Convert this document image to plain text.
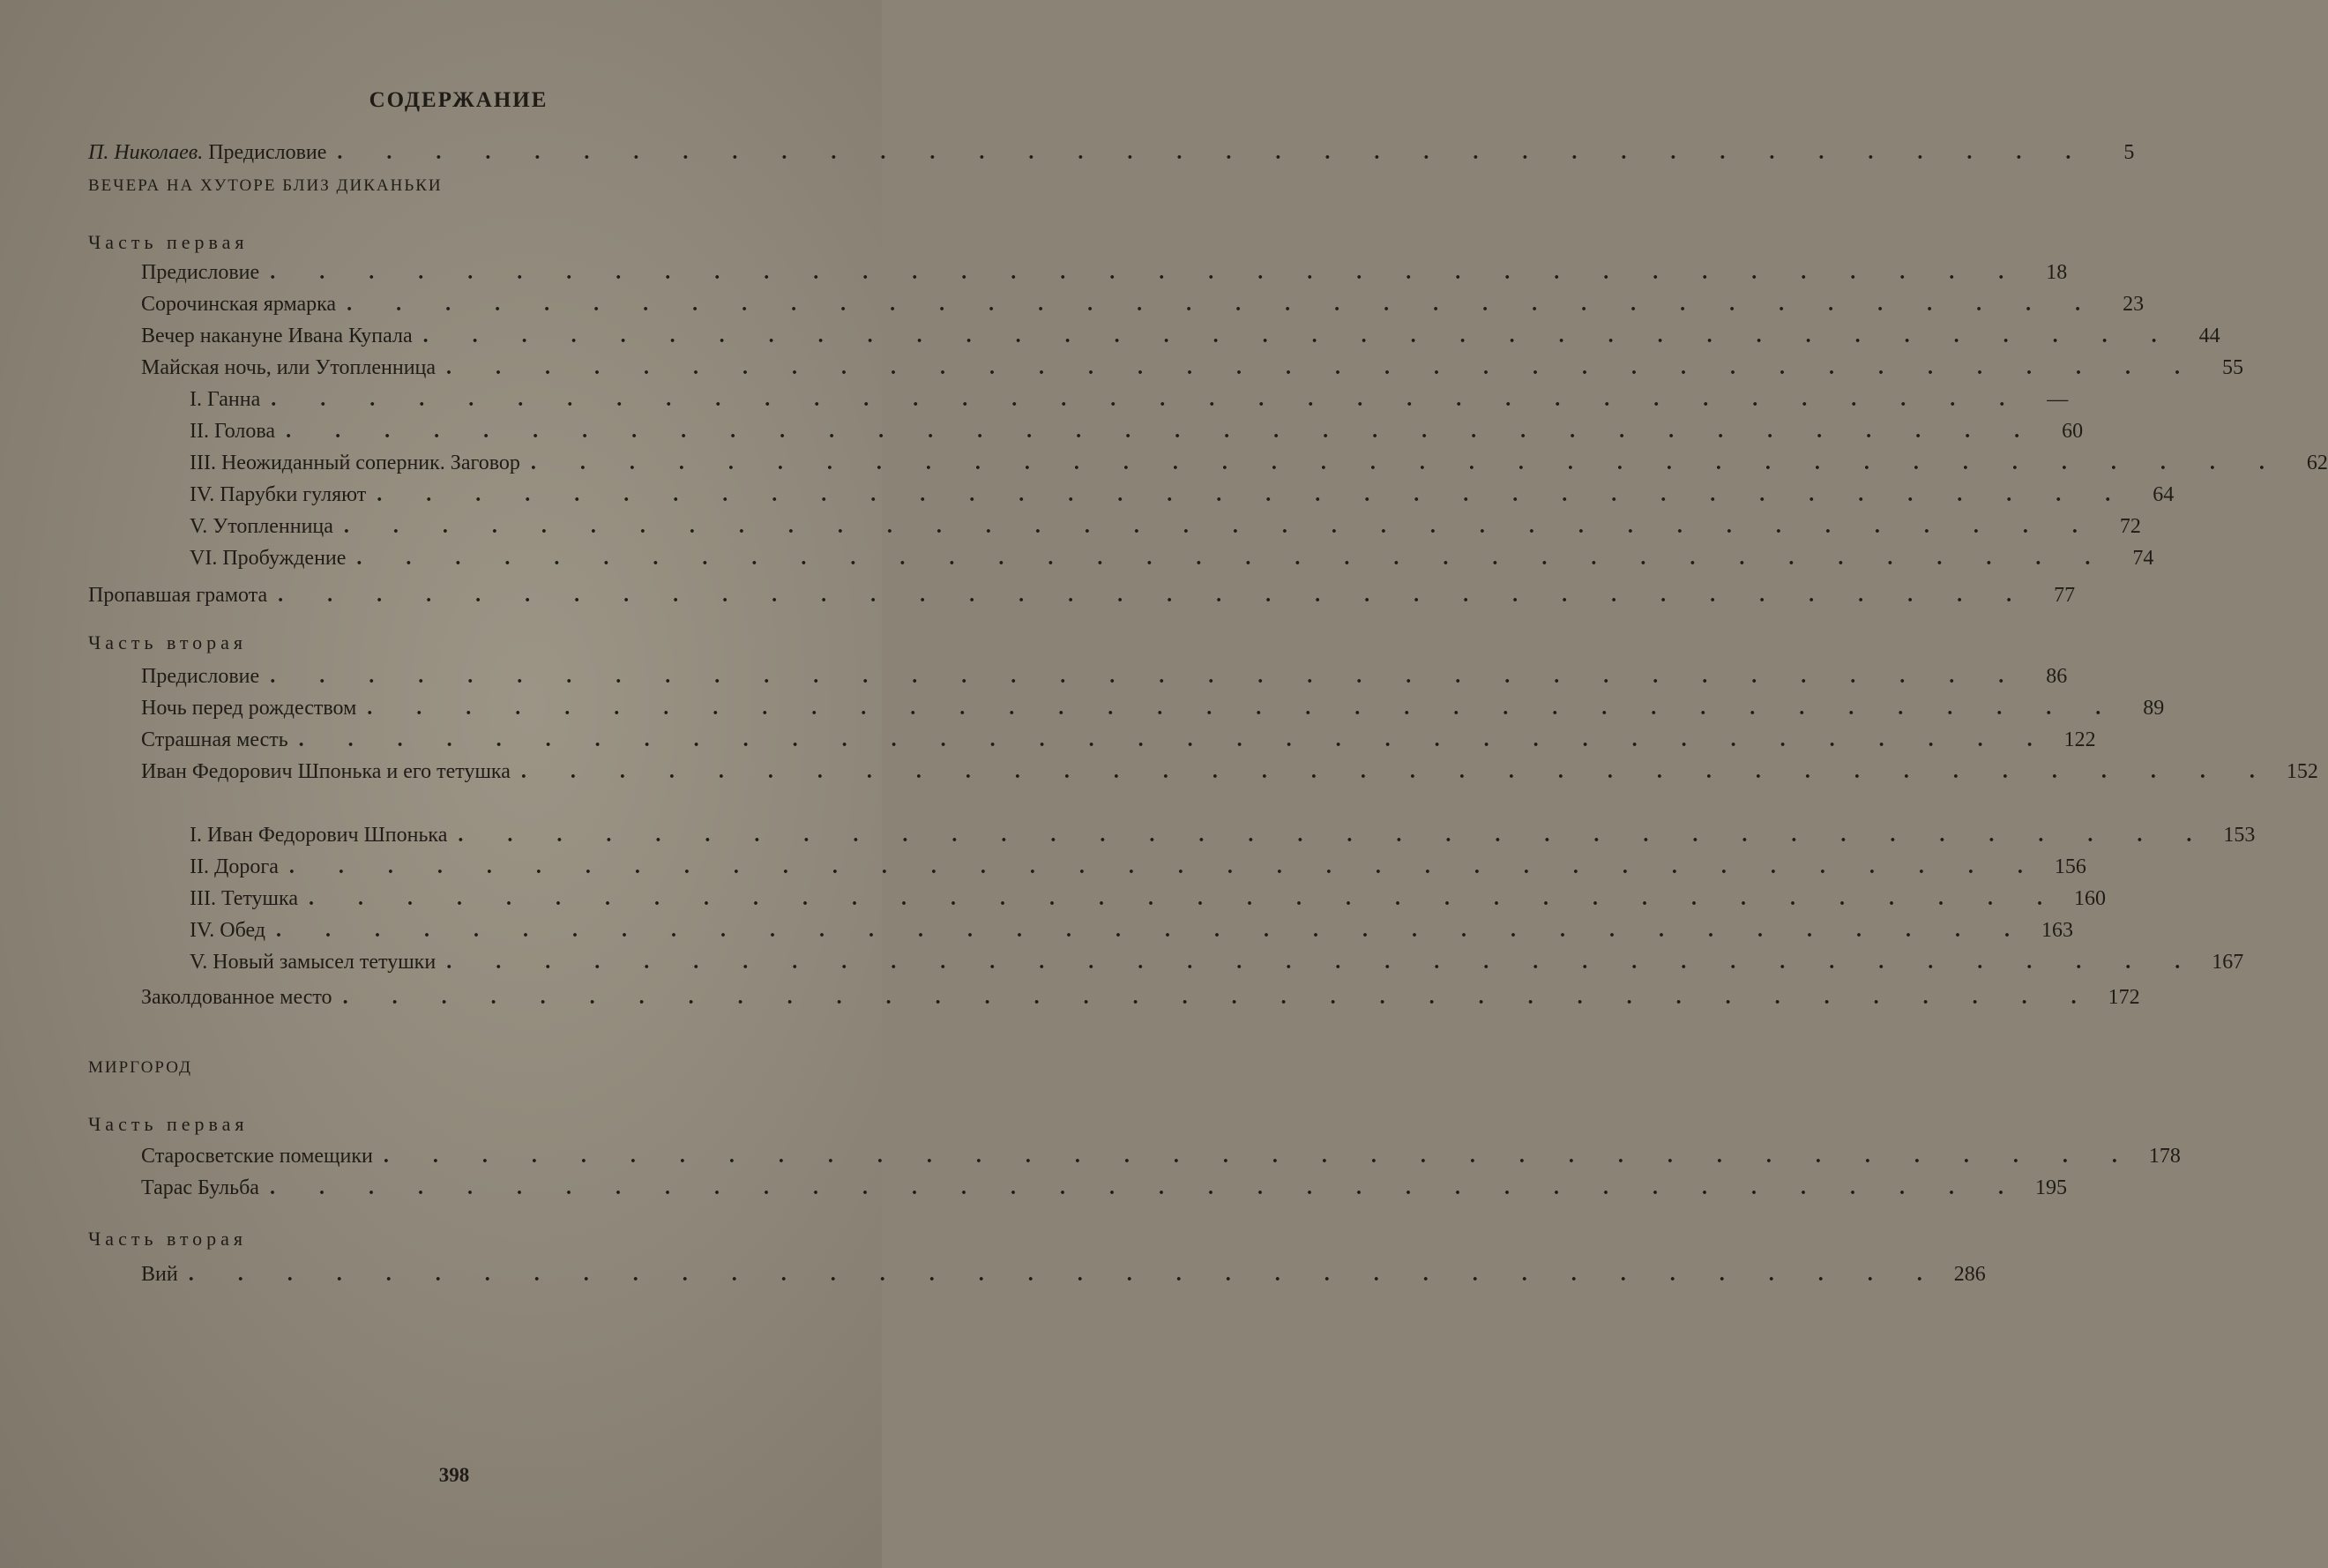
СОДЕРЖАНИЕ
П. Николаев. Предисловие . . . . . . . . . . . . . . . . . . . . . . . . . . . . . . . . . . . .	5
ВЕЧЕРА НА ХУТОРЕ БЛИЗ ДИКАНЬКИ
Часть первая
Предисловие . . . . . . . . . . . . . . . . . . . . . . . . . . . . . . . . . . . .	18
Сорочинская ярмарка . . . . . . . . . . . . . . . . . . . . . . . . . . . . . . . . . . . .	23
Вечер накануне Ивана Купала . . . . . . . . . . . . . . . . . . . . . . . . . . . . . . . . . . . .	44
Майская ночь, или Утопленница . . . . . . . . . . . . . . . . . . . . . . . . . . . . . . . . . . . .	55
I. Ганна . . . . . . . . . . . . . . . . . . . . . . . . . . . . . . . . . . . .	—
II. Голова . . . . . . . . . . . . . . . . . . . . . . . . . . . . . . . . . . . .	60
III. Неожиданный соперник. Заговор . . . . . . . . . . . . . . . . . . . . . . . . . . . . . . . . . . . .	62
IV. Парубки гуляют . . . . . . . . . . . . . . . . . . . . . . . . . . . . . . . . . . . .	64
V. Утопленница . . . . . . . . . . . . . . . . . . . . . . . . . . . . . . . . . . . .	72
VI. Пробуждение . . . . . . . . . . . . . . . . . . . . . . . . . . . . . . . . . . . .	74
Пропавшая грамота . . . . . . . . . . . . . . . . . . . . . . . . . . . . . . . . . . . .	77
Часть вторая
Предисловие . . . . . . . . . . . . . . . . . . . . . . . . . . . . . . . . . . . .	86
Ночь перед рождеством . . . . . . . . . . . . . . . . . . . . . . . . . . . . . . . . . . . .	89
Страшная месть . . . . . . . . . . . . . . . . . . . . . . . . . . . . . . . . . . . . 122
Иван Федорович Шпонька и его тетушка . . . . . . . . . . . . . . . . . . . . . . . . . . . . . . . . . . . . 152
I. Иван Федорович Шпонька . . . . . . . . . . . . . . . . . . . . . . . . . . . . . . . . . . . . 153
II. Дорога . . . . . . . . . . . . . . . . . . . . . . . . . . . . . . . . . . . . 156
III. Тетушка . . . . . . . . . . . . . . . . . . . . . . . . . . . . . . . . . . . . 160
IV. Обед . . . . . . . . . . . . . . . . . . . . . . . . . . . . . . . . . . . . 163
V. Новый замысел тетушки . . . . . . . . . . . . . . . . . . . . . . . . . . . . . . . . . . . . 167
Заколдованное место . . . . . . . . . . . . . . . . . . . . . . . . . . . . . . . . . . . . 172
МИРГОРОД
Часть первая
Старосветские помещики . . . . . . . . . . . . . . . . . . . . . . . . . . . . . . . . . . . . 178
Тарас Бульба . . . . . . . . . . . . . . . . . . . . . . . . . . . . . . . . . . . . 195
Часть вторая
Вий . . . . . . . . . . . . . . . . . . . . . . . . . . . . . . . . . . . . 286
398
